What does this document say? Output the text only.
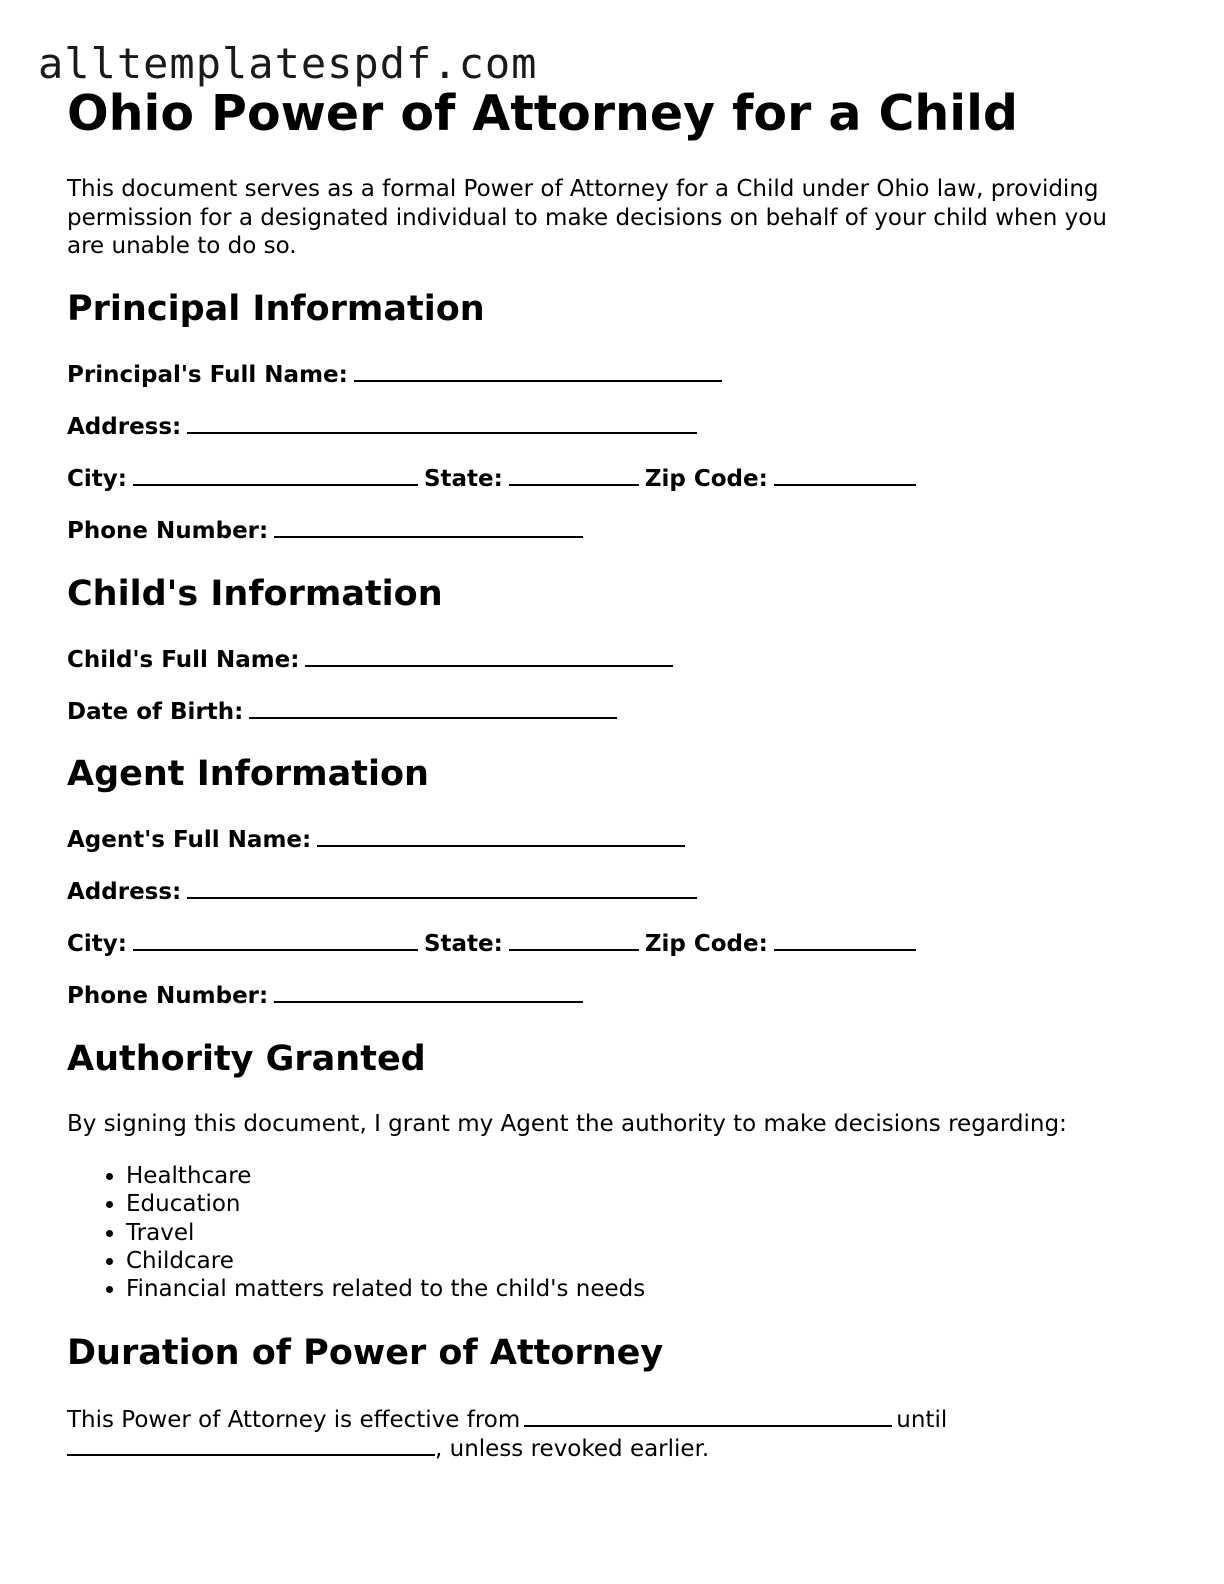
alltemplatespdf.com
Ohio Power of Attorney for a Child

This document serves as a formal Power of Attorney for a Child under Ohio law, providing permission for a designated individual to make decisions on behalf of your child when you are unable to do so.

Principal Information
Principal's Full Name:
Address:
City:	State:	Zip Code:
Phone Number:
Child's Information
Child's Full Name:
Date of Birth:
Agent Information
Agent's Full Name:
Address:
City:	State:	Zip Code:
Phone Number:
Authority Granted

By signing this document, I grant my Agent the authority to make decisions regarding:

• Healthcare
• Education
• Travel
• Childcare
• Financial matters related to the child's needs
Duration of Power of Attorney

This Power of Attorney is effective from	until
, unless revoked earlier.
